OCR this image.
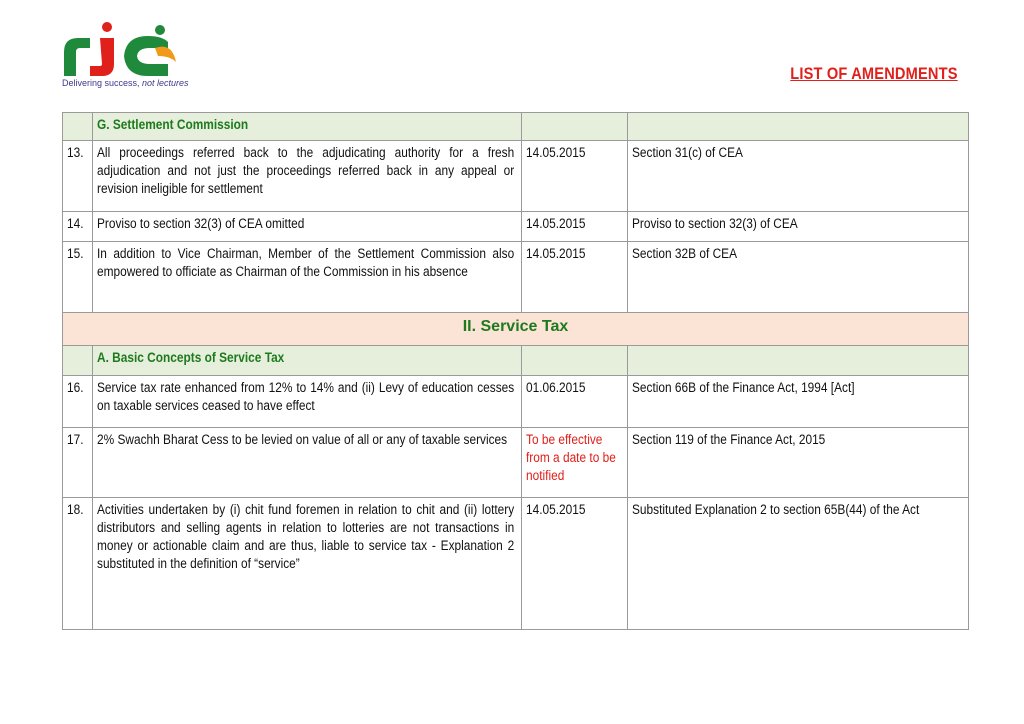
Delivering success, not lectures	LIST OF AMENDMENTS
	G. Settlement Commission		
13.	All proceedings referred back to the adjudicating authority for a fresh adjudication and not just the proceedings referred back in any appeal or revision ineligible for settlement	14.05.2015	Section 31(c) of CEA
14.	Proviso to section 32(3) of CEA omitted	14.05.2015	Proviso to section 32(3) of CEA
15.	In addition to Vice Chairman, Member of the Settlement Commission also empowered to officiate as Chairman of the Commission in his absence	14.05.2015	Section 32B of CEA
II. Service Tax			
	A. Basic Concepts of Service Tax		
16.	Service tax rate enhanced from 12% to 14% and (ii) Levy of education cesses on taxable services ceased to have effect	01.06.2015	Section 66B of the Finance Act, 1994 [Act]
17.	2% Swachh Bharat Cess to be levied on value of all or any of taxable services	To be effective from a date to be notified	Section 119 of the Finance Act, 2015
18.	Activities undertaken by (i) chit fund foremen in relation to chit and (ii) lottery distributors and selling agents in relation to lotteries are not transactions in money or actionable claim and are thus, liable to service tax - Explanation 2 substituted in the definition of “service”	14.05.2015	Substituted Explanation 2 to section 65B(44) of the Act
